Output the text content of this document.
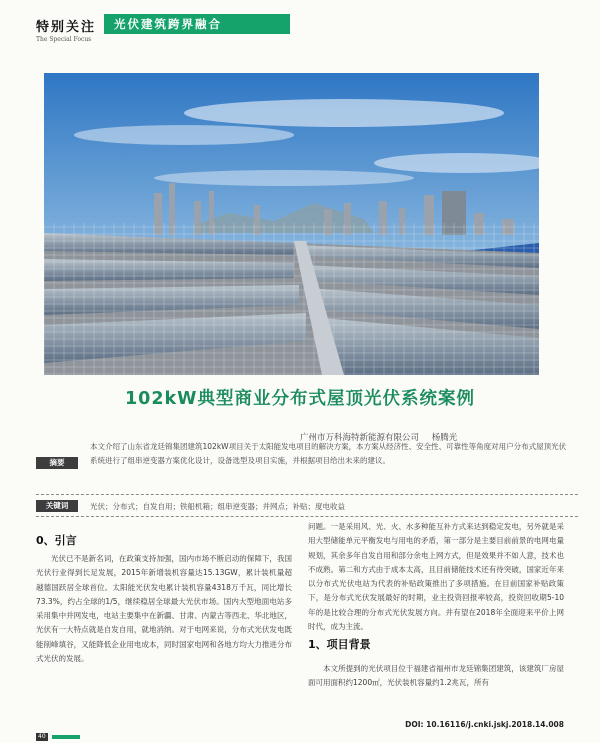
特别关注
The Special Focus
光伏建筑跨界融合
102kW典型商业分布式屋顶光伏系统案例
广州市万科海特新能源有限公司 杨腾光
摘要
本文介绍了山东省龙廷锦集团建筑102kW项目关于太阳能发电项目的解决方案，本方案从经济性、安全性、可靠性等角度对用户分布式屋顶光伏系统进行了组串逆变器方案优化设计，设备选型及项目实施，并根据项目给出未来的建议。
关键词	光伏；分布式；自发自用；铁船机箱；组串逆变器；并网点；补贴；度电收益
0、引言

光伏已不是新名词，在政策支持加强，国内市场不断启动的保障下，我国光伏行业得到长足发展，2015年新增装机容量达15.13GW，累计装机量超越德国跃居全球首位。太阳能光伏发电累计装机容量4318万千瓦，同比增长73.3%，约占全球的1/5，继续稳居全球最大光伏市场。国内大型地面电站多采用集中并网发电，电站主要集中在新疆、甘肃、内蒙古等西北、华北地区，光伏有一大特点就是自发自用，就地消纳。对于电网来说，分布式光伏发电既能削峰填谷，又能降低企业用电成本，同时国家电网和各地方均大力推进分布式光伏的发展。

问题。一是采用风、光、火、水多种能互补方式来达到稳定发电，另外就是采用大型储能单元平衡发电与用电的矛盾，第一部分是主要目前前景的电网电量规划，其余多年自发自用和部分余电上网方式，但是效果并不如人意，技术也不成熟。第二和方式由于成本太高，且目前储能技术还有待突破，国家近年来以分布式光伏电站为代表的补贴政策推出了多项措施。在目前国家补贴政策下，是分布式光伏发展最好的时期，业主投资回报率较高，投资回收期5-10年的是比较合理的分布式光伏发展方向。并有望在2018年全面迎来平价上网时代，成为主流。

1、项目背景

本文所提到的光伏项目位于福建省福州市龙廷锦集团建筑，该建筑厂房屋面可用面积约1200㎡，光伏装机容量约1.2兆瓦，所有

DOI: 10.16116/j.cnki.jskj.2018.14.008
40
